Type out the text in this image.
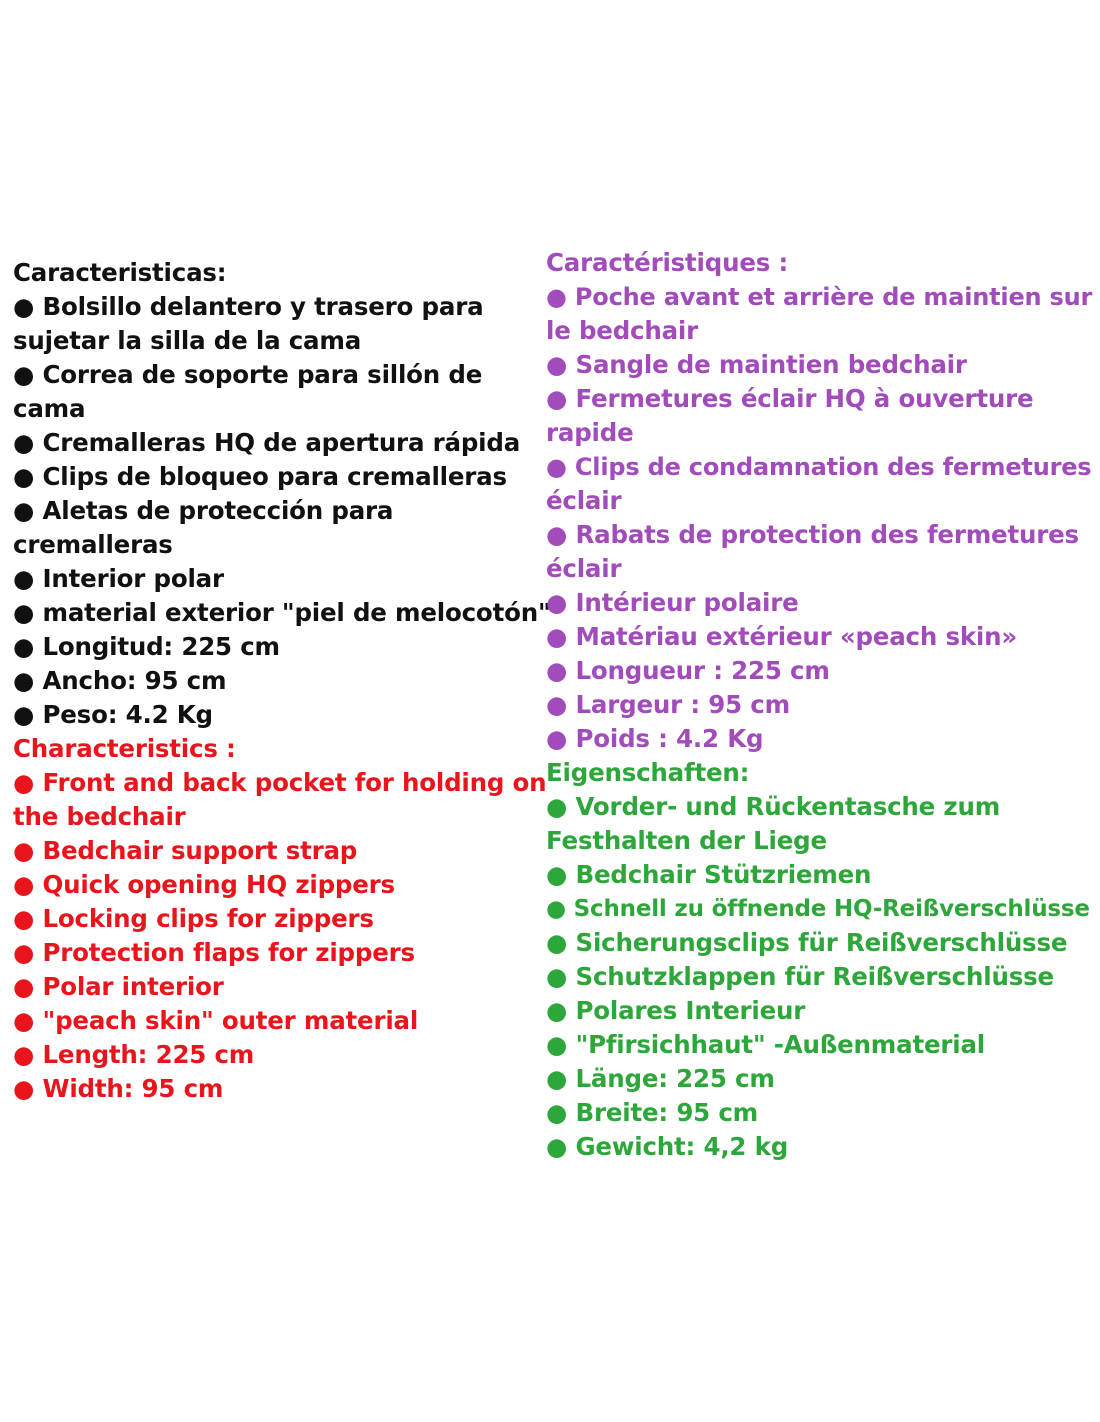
Caracteristicas:
● Bolsillo delantero y trasero para
sujetar la silla de la cama
● Correa de soporte para sillón de
cama
● Cremalleras HQ de apertura rápida
● Clips de bloqueo para cremalleras
● Aletas de protección para
cremalleras
● Interior polar
● material exterior "piel de melocotón"
● Longitud: 225 cm
● Ancho: 95 cm
● Peso: 4.2 Kg
Characteristics :
● Front and back pocket for holding on
the bedchair
● Bedchair support strap
● Quick opening HQ zippers
● Locking clips for zippers
● Protection flaps for zippers
● Polar interior
● "peach skin" outer material
● Length: 225 cm
● Width: 95 cm
Caractéristiques :
● Poche avant et arrière de maintien sur
le bedchair
● Sangle de maintien bedchair
● Fermetures éclair HQ à ouverture
rapide
● Clips de condamnation des fermetures
éclair
● Rabats de protection des fermetures
éclair
● Intérieur polaire
● Matériau extérieur «peach skin»
● Longueur : 225 cm
● Largeur : 95 cm
● Poids : 4.2 Kg
Eigenschaften:
● Vorder- und Rückentasche zum
Festhalten der Liege
● Bedchair Stützriemen
● Schnell zu öffnende HQ-Reißverschlüsse
● Sicherungsclips für Reißverschlüsse
● Schutzklappen für Reißverschlüsse
● Polares Interieur
● "Pfirsichhaut" -Außenmaterial
● Länge: 225 cm
● Breite: 95 cm
● Gewicht: 4,2 kg
